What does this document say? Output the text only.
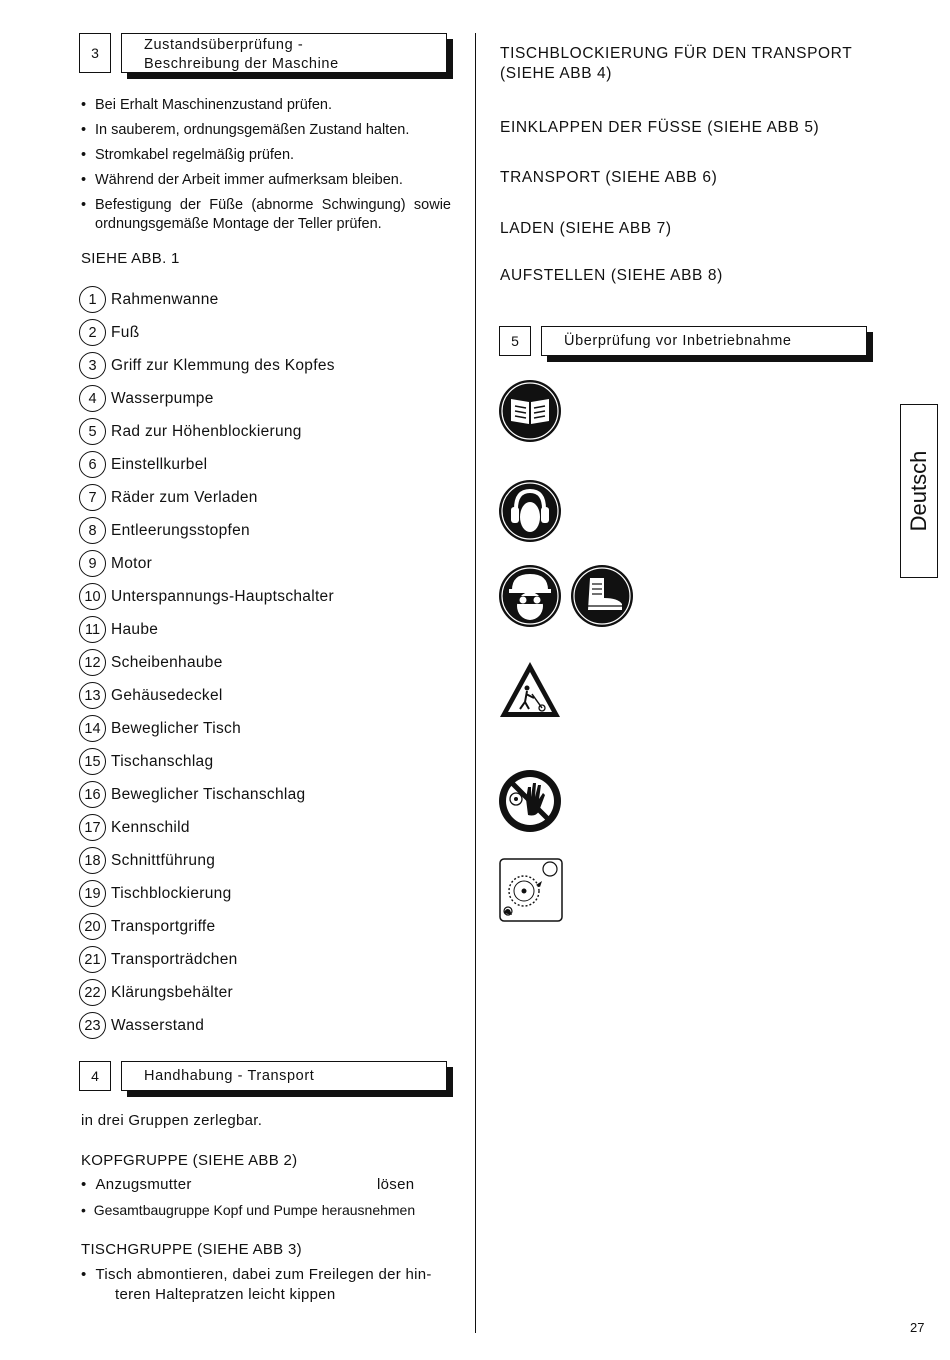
3	Zustandsüberprüfung -
Beschreibung der Maschine
• Bei Erhalt Maschinenzustand prüfen.
• In sauberem, ordnungsgemäßen Zustand halten.
• Stromkabel regelmäßig prüfen.
• Während der Arbeit immer aufmerksam bleiben.
• Befestigung der Füße (abnorme Schwingung) sowie ordnungsgemäße Montage der Teller prüfen.
SIEHE ABB. 1
1 Rahmenwanne
2 Fuß
3 Griff zur Klemmung des Kopfes
4 Wasserpumpe
5 Rad zur Höhenblockierung
6 Einstellkurbel
7 Räder zum Verladen
8 Entleerungsstopfen
9 Motor
10 Unterspannungs-Hauptschalter
11 Haube
12 Scheibenhaube
13 Gehäusedeckel
14 Beweglicher Tisch
15 Tischanschlag
16 Beweglicher Tischanschlag
17 Kennschild
18 Schnittführung
19 Tischblockierung
20 Transportgriffe
21 Transporträdchen
22 Klärungsbehälter
23 Wasserstand
4	Handhabung - Transport
in drei Gruppen zerlegbar.
KOPFGRUPPE (SIEHE ABB 2)
•  Anzugsmutter	lösen
•  Gesamtbaugruppe Kopf und Pumpe herausnehmen
TISCHGRUPPE (SIEHE ABB 3)
•  Tisch abmontieren, dabei zum Freilegen der hin-
teren Haltepratzen leicht kippen
TISCHBLOCKIERUNG FÜR DEN TRANSPORT
(SIEHE ABB 4)
EINKLAPPEN DER FÜSSE (SIEHE ABB 5)
TRANSPORT (SIEHE ABB 6)
LADEN (SIEHE ABB 7)
AUFSTELLEN (SIEHE ABB 8)
5	Überprüfung vor Inbetriebnahme
Deutsch
27
